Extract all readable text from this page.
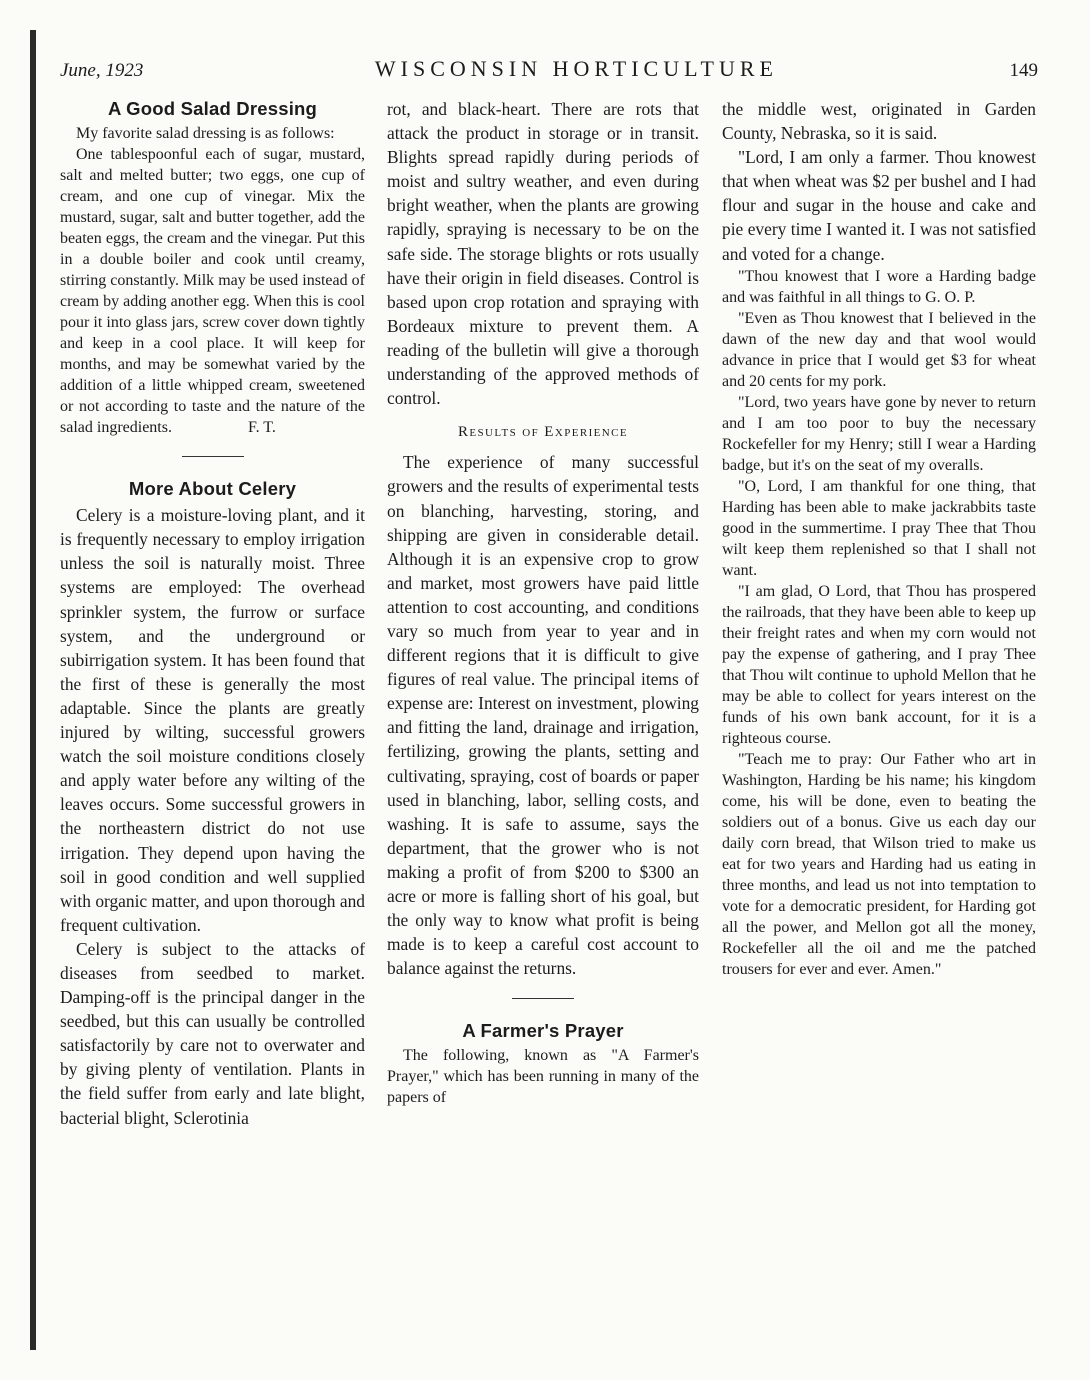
June, 1923	WISCONSIN HORTICULTURE	149
A Good Salad Dressing

My favorite salad dressing is as follows:

One tablespoonful each of sugar, mustard, salt and melted butter; two eggs, one cup of cream, and one cup of vinegar. Mix the mustard, sugar, salt and butter together, add the beaten eggs, the cream and the vinegar. Put this in a double boiler and cook until creamy, stirring constantly. Milk may be used instead of cream by adding another egg. When this is cool pour it into glass jars, screw cover down tightly and keep in a cool place. It will keep for months, and may be somewhat varied by the addition of a little whipped cream, sweetened or not according to taste and the nature of the salad ingredients.	F. T.

More About Celery

Celery is a moisture-loving plant, and it is frequently necessary to employ irrigation unless the soil is naturally moist. Three systems are employed: The overhead sprinkler system, the furrow or surface system, and the underground or subirrigation system. It has been found that the first of these is generally the most adaptable. Since the plants are greatly injured by wilting, successful growers watch the soil moisture conditions closely and apply water before any wilting of the leaves occurs. Some successful growers in the northeastern district do not use irrigation. They depend upon having the soil in good condition and well supplied with organic matter, and upon thorough and frequent cultivation.

Celery is subject to the attacks of diseases from seedbed to market. Damping-off is the principal danger in the seedbed, but this can usually be controlled satisfactorily by care not to overwater and by giving plenty of ventilation. Plants in the field suffer from early and late blight, bacterial blight, Sclerotinia

rot, and black-heart. There are rots that attack the product in storage or in transit. Blights spread rapidly during periods of moist and sultry weather, and even during bright weather, when the plants are growing rapidly, spraying is necessary to be on the safe side. The storage blights or rots usually have their origin in field diseases. Control is based upon crop rotation and spraying with Bordeaux mixture to prevent them. A reading of the bulletin will give a thorough understanding of the approved methods of control.

Results of Experience

The experience of many successful growers and the results of experimental tests on blanching, harvesting, storing, and shipping are given in considerable detail. Although it is an expensive crop to grow and market, most growers have paid little attention to cost accounting, and conditions vary so much from year to year and in different regions that it is difficult to give figures of real value. The principal items of expense are: Interest on investment, plowing and fitting the land, drainage and irrigation, fertilizing, growing the plants, setting and cultivating, spraying, cost of boards or paper used in blanching, labor, selling costs, and washing. It is safe to assume, says the department, that the grower who is not making a profit of from $200 to $300 an acre or more is falling short of his goal, but the only way to know what profit is being made is to keep a careful cost account to balance against the returns.

A Farmer's Prayer

The following, known as "A Farmer's Prayer," which has been running in many of the papers of

the middle west, originated in Garden County, Nebraska, so it is said.

"Lord, I am only a farmer. Thou knowest that when wheat was $2 per bushel and I had flour and sugar in the house and cake and pie every time I wanted it. I was not satisfied and voted for a change.

"Thou knowest that I wore a Harding badge and was faithful in all things to G. O. P.

"Even as Thou knowest that I believed in the dawn of the new day and that wool would advance in price that I would get $3 for wheat and 20 cents for my pork.

"Lord, two years have gone by never to return and I am too poor to buy the necessary Rockefeller for my Henry; still I wear a Harding badge, but it's on the seat of my overalls.

"O, Lord, I am thankful for one thing, that Harding has been able to make jackrabbits taste good in the summertime. I pray Thee that Thou wilt keep them replenished so that I shall not want.

"I am glad, O Lord, that Thou has prospered the railroads, that they have been able to keep up their freight rates and when my corn would not pay the expense of gathering, and I pray Thee that Thou wilt continue to uphold Mellon that he may be able to collect for years interest on the funds of his own bank account, for it is a righteous course.

"Teach me to pray: Our Father who art in Washington, Harding be his name; his kingdom come, his will be done, even to beating the soldiers out of a bonus. Give us each day our daily corn bread, that Wilson tried to make us eat for two years and Harding had us eating in three months, and lead us not into temptation to vote for a democratic president, for Harding got all the power, and Mellon got all the money, Rockefeller all the oil and me the patched trousers for ever and ever. Amen."
